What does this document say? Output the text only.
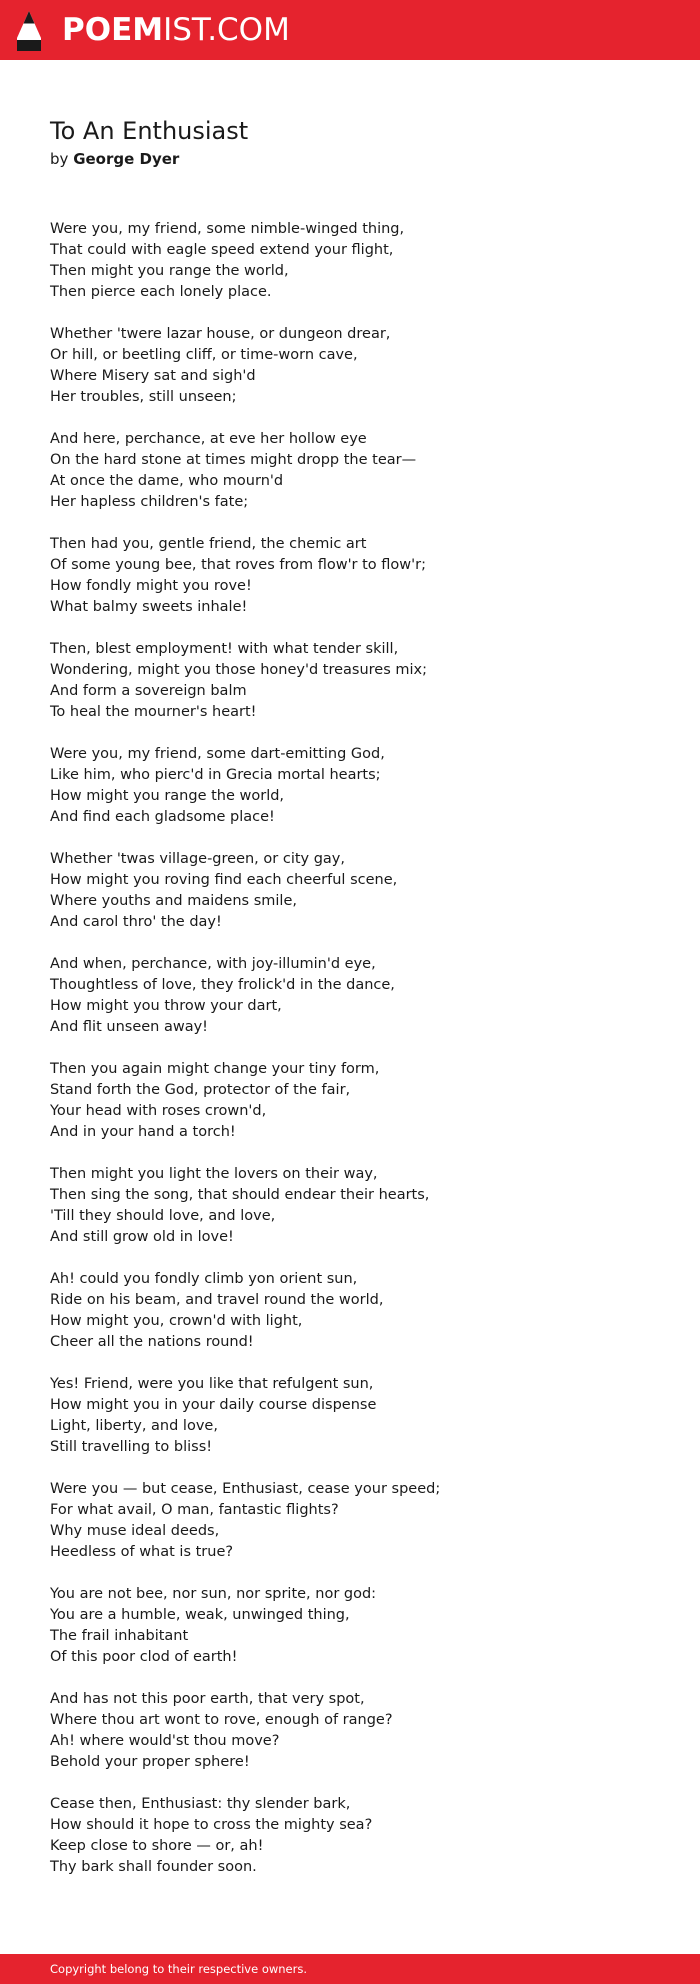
POEMIST.COM
To An Enthusiast
by George Dyer
Were you, my friend, some nimble-winged thing,
That could with eagle speed extend your flight,
Then might you range the world,
Then pierce each lonely place.
Whether 'twere lazar house, or dungeon drear,
Or hill, or beetling cliff, or time-worn cave,
Where Misery sat and sigh'd
Her troubles, still unseen;
And here, perchance, at eve her hollow eye
On the hard stone at times might dropp the tear—
At once the dame, who mourn'd
Her hapless children's fate;
Then had you, gentle friend, the chemic art
Of some young bee, that roves from flow'r to flow'r;
How fondly might you rove!
What balmy sweets inhale!
Then, blest employment! with what tender skill,
Wondering, might you those honey'd treasures mix;
And form a sovereign balm
To heal the mourner's heart!
Were you, my friend, some dart-emitting God,
Like him, who pierc'd in Grecia mortal hearts;
How might you range the world,
And find each gladsome place!
Whether 'twas village-green, or city gay,
How might you roving find each cheerful scene,
Where youths and maidens smile,
And carol thro' the day!
And when, perchance, with joy-illumin'd eye,
Thoughtless of love, they frolick'd in the dance,
How might you throw your dart,
And flit unseen away!
Then you again might change your tiny form,
Stand forth the God, protector of the fair,
Your head with roses crown'd,
And in your hand a torch!
Then might you light the lovers on their way,
Then sing the song, that should endear their hearts,
'Till they should love, and love,
And still grow old in love!
Ah! could you fondly climb yon orient sun,
Ride on his beam, and travel round the world,
How might you, crown'd with light,
Cheer all the nations round!
Yes! Friend, were you like that refulgent sun,
How might you in your daily course dispense
Light, liberty, and love,
Still travelling to bliss!
Were you — but cease, Enthusiast, cease your speed;
For what avail, O man, fantastic flights?
Why muse ideal deeds,
Heedless of what is true?
You are not bee, nor sun, nor sprite, nor god:
You are a humble, weak, unwinged thing,
The frail inhabitant
Of this poor clod of earth!
And has not this poor earth, that very spot,
Where thou art wont to rove, enough of range?
Ah! where would'st thou move?
Behold your proper sphere!
Cease then, Enthusiast: thy slender bark,
How should it hope to cross the mighty sea?
Keep close to shore — or, ah!
Thy bark shall founder soon.
Copyright belong to their respective owners.
